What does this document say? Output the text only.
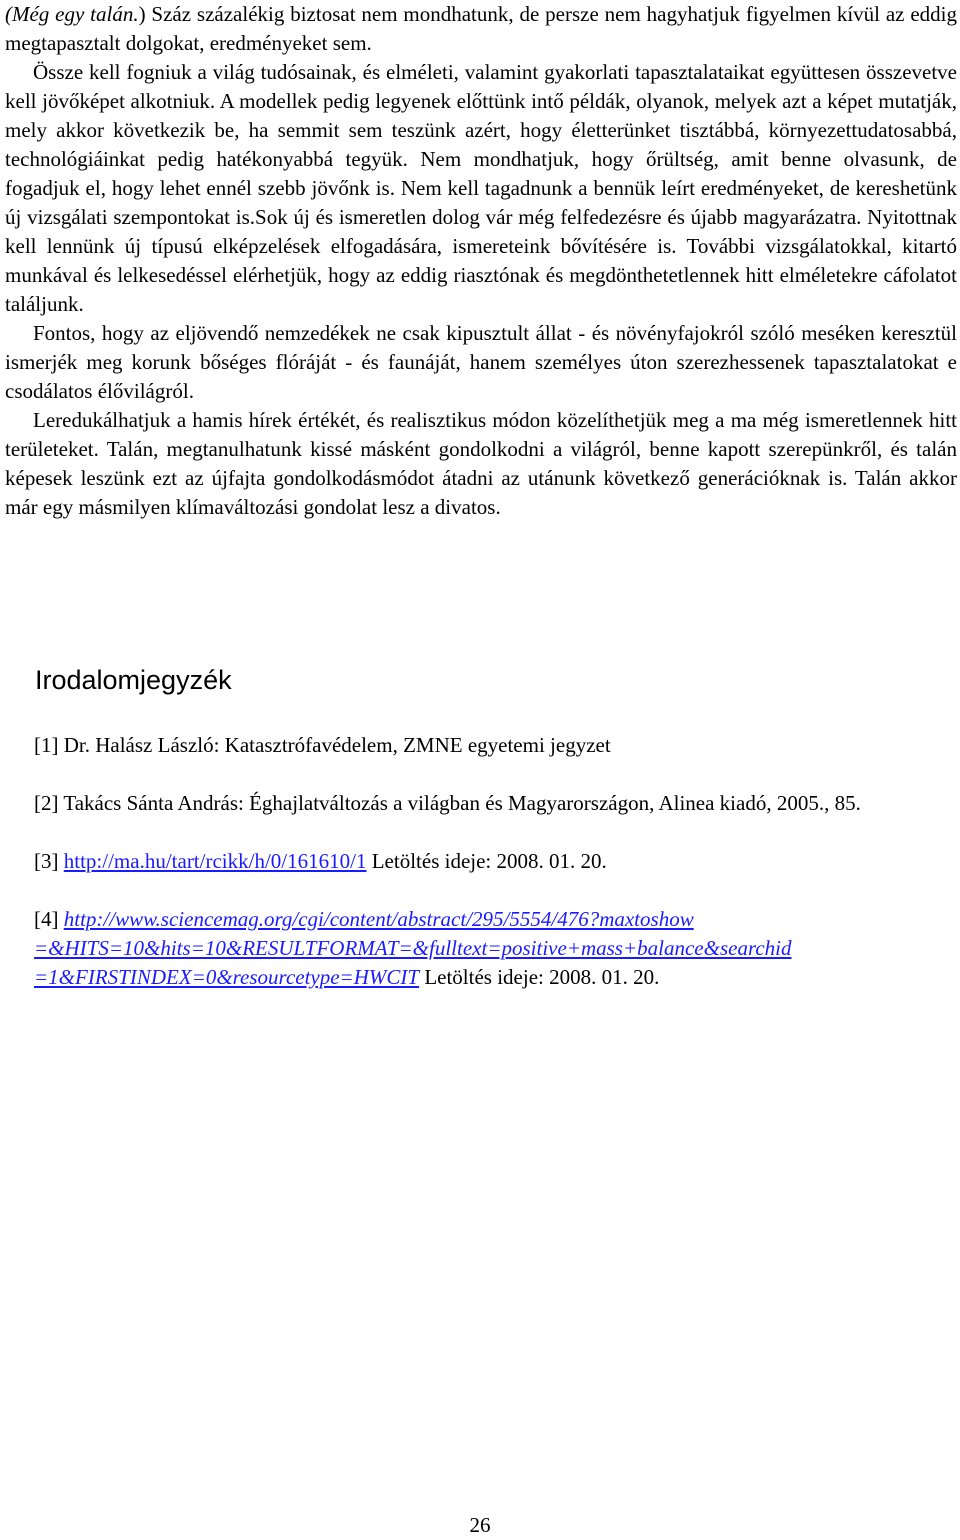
(Még egy talán.) Száz százalékig biztosat nem mondhatunk, de persze nem hagyhatjuk figyelmen kívül az eddig megtapasztalt dolgokat, eredményeket sem.

Össze kell fogniuk a világ tudósainak, és elméleti, valamint gyakorlati tapasztalataikat együttesen összevetve kell jövőképet alkotniuk. A modellek pedig legyenek előttünk intő példák, olyanok, melyek azt a képet mutatják, mely akkor következik be, ha semmit sem teszünk azért, hogy életterünket tisztábbá, környezettudatosabbá, technológiáinkat pedig hatékonyabbá tegyük. Nem mondhatjuk, hogy őrültség, amit benne olvasunk, de fogadjuk el, hogy lehet ennél szebb jövőnk is. Nem kell tagadnunk a bennük leírt eredményeket, de kereshetünk új vizsgálati szempontokat is.Sok új és ismeretlen dolog vár még felfedezésre és újabb magyarázatra. Nyitottnak kell lennünk új típusú elképzelések elfogadására, ismereteink bővítésére is. További vizsgálatokkal, kitartó munkával és lelkesedéssel elérhetjük, hogy az eddig riasztónak és megdönthetetlennek hitt elméletekre cáfolatot találjunk.

Fontos, hogy az eljövendő nemzedékek ne csak kipusztult állat - és növényfajokról szóló meséken keresztül ismerjék meg korunk bőséges flóráját - és faunáját, hanem személyes úton szerezhessenek tapasztalatokat e csodálatos élővilágról.

Leredukálhatjuk a hamis hírek értékét, és realisztikus módon közelíthetjük meg a ma még ismeretlennek hitt területeket. Talán, megtanulhatunk kissé másként gondolkodni a világról, benne kapott szerepünkről, és talán képesek leszünk ezt az újfajta gondolkodásmódot átadni az utánunk következő generációknak is. Talán akkor már egy másmilyen klímaváltozási gondolat lesz a divatos.

Irodalomjegyzék

[1] Dr. Halász László: Katasztrófavédelem, ZMNE egyetemi jegyzet

[2] Takács Sánta András: Éghajlatváltozás a világban és Magyarországon, Alinea kiadó, 2005., 85.

[3] http://ma.hu/tart/rcikk/h/0/161610/1 Letöltés ideje: 2008. 01. 20.

[4] http://www.sciencemag.org/cgi/content/abstract/295/5554/476?maxtoshow =&HITS=10&hits=10&RESULTFORMAT=&fulltext=positive+mass+balance&searchid =1&FIRSTINDEX=0&resourcetype=HWCIT Letöltés ideje: 2008. 01. 20.

26
